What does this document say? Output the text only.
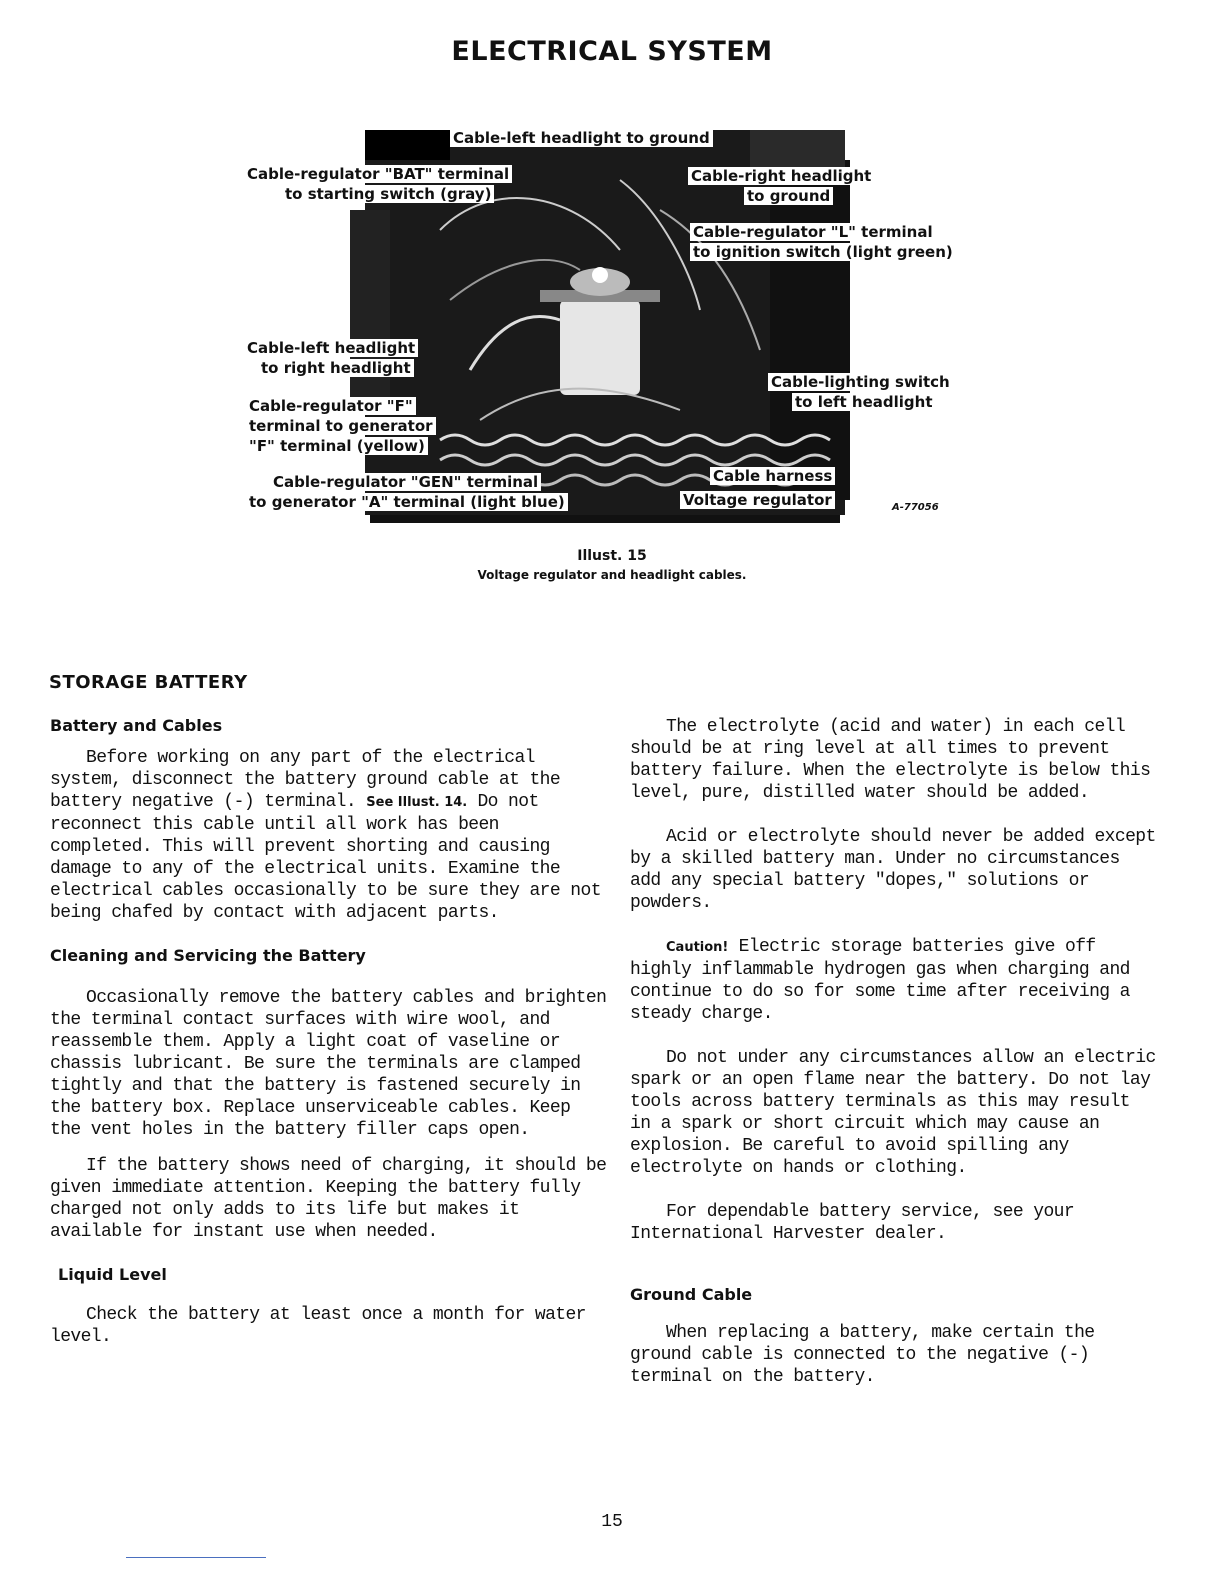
ELECTRICAL SYSTEM
Cable-left headlight to ground
Cable-regulator "BAT" terminal
to starting switch (gray)
Cable-right headlight
to ground
Cable-regulator "L" terminal
to ignition switch (light green)
Cable-left headlight
to right headlight
Cable-regulator "F"
terminal to generator
"F" terminal (yellow)
Cable-lighting switch
to left headlight
Cable-regulator "GEN" terminal
to generator "A" terminal (light blue)
Cable harness
Voltage regulator	A-77056
Illust. 15
Voltage regulator and headlight cables.
STORAGE BATTERY
Battery and Cables

Before working on any part of the electrical system, disconnect the battery ground cable at the battery negative (-) terminal. See Illust. 14. Do not reconnect this cable until all work has been completed. This will prevent shorting and causing damage to any of the electrical units. Examine the electrical cables occasionally to be sure they are not being chafed by contact with adjacent parts.

Cleaning and Servicing the Battery

Occasionally remove the battery cables and brighten the terminal contact surfaces with wire wool, and reassemble them. Apply a light coat of vaseline or chassis lubricant. Be sure the terminals are clamped tightly and that the battery is fastened securely in the battery box. Replace unserviceable cables. Keep the vent holes in the battery filler caps open.

If the battery shows need of charging, it should be given immediate attention. Keeping the battery fully charged not only adds to its life but makes it available for instant use when needed.

Liquid Level

Check the battery at least once a month for water level.

The electrolyte (acid and water) in each cell should be at ring level at all times to prevent battery failure. When the electrolyte is below this level, pure, distilled water should be added.

Acid or electrolyte should never be added except by a skilled battery man. Under no circumstances add any special battery "dopes," solutions or powders.

Caution! Electric storage batteries give off highly inflammable hydrogen gas when charging and continue to do so for some time after receiving a steady charge.

Do not under any circumstances allow an electric spark or an open flame near the battery. Do not lay tools across battery terminals as this may result in a spark or short circuit which may cause an explosion. Be careful to avoid spilling any electrolyte on hands or clothing.

For dependable battery service, see your International Harvester dealer.

Ground Cable

When replacing a battery, make certain the ground cable is connected to the negative (-) terminal on the battery.

15
